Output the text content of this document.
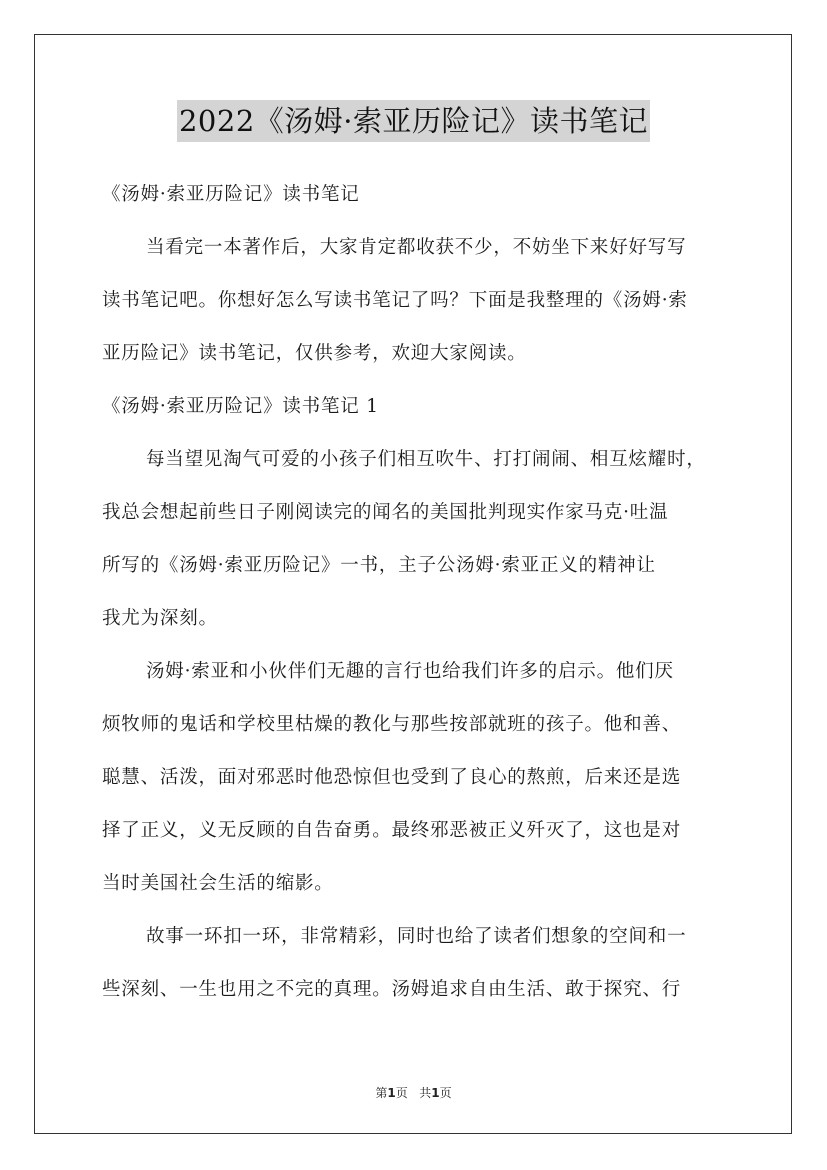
2022《汤姆·索亚历险记》读书笔记
《汤姆·索亚历险记》读书笔记
当看完一本著作后，大家肯定都收获不少，不妨坐下来好好写写
读书笔记吧。你想好怎么写读书笔记了吗？下面是我整理的《汤姆·索
亚历险记》读书笔记，仅供参考，欢迎大家阅读。
《汤姆·索亚历险记》读书笔记 1
每当望见淘气可爱的小孩子们相互吹牛、打打闹闹、相互炫耀时，
我总会想起前些日子刚阅读完的闻名的美国批判现实作家马克·吐温
所写的《汤姆·索亚历险记》一书，主子公汤姆·索亚正义的精神让
我尤为深刻。
汤姆·索亚和小伙伴们无趣的言行也给我们许多的启示。他们厌
烦牧师的鬼话和学校里枯燥的教化与那些按部就班的孩子。他和善、
聪慧、活泼，面对邪恶时他恐惊但也受到了良心的熬煎，后来还是选
择了正义，义无反顾的自告奋勇。最终邪恶被正义歼灭了，这也是对
当时美国社会生活的缩影。
故事一环扣一环，非常精彩，同时也给了读者们想象的空间和一
些深刻、一生也用之不完的真理。汤姆追求自由生活、敢于探究、行
第1页 共1页
